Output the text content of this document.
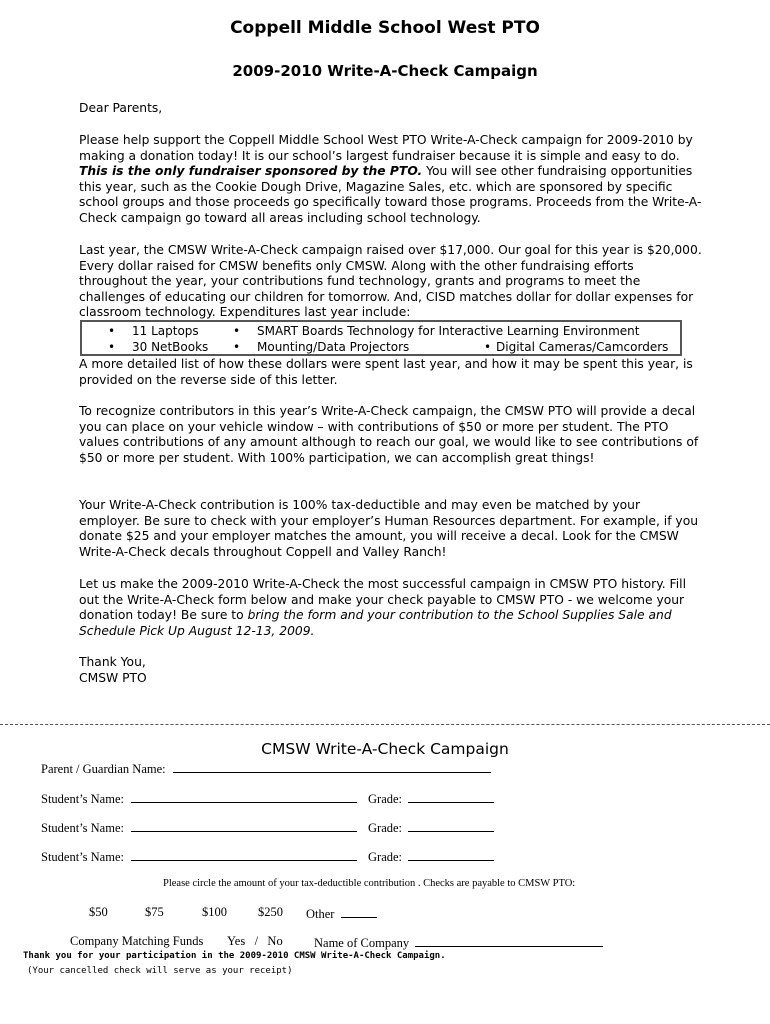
Coppell Middle School West PTO
2009-2010 Write-A-Check Campaign

Dear Parents,

Please help support the Coppell Middle School West PTO Write-A-Check campaign for 2009-2010 by making a donation today! It is our school’s largest fundraiser because it is simple and easy to do. This is the only fundraiser sponsored by the PTO. You will see other fundraising opportunities this year, such as the Cookie Dough Drive, Magazine Sales, etc. which are sponsored by specific school groups and those proceeds go specifically toward those programs. Proceeds from the Write-A-Check campaign go toward all areas including school technology.

Last year, the CMSW Write-A-Check campaign raised over $17,000. Our goal for this year is $20,000. Every dollar raised for CMSW benefits only CMSW. Along with the other fundraising efforts throughout the year, your contributions fund technology, grants and programs to meet the challenges of educating our children for tomorrow. And, CISD matches dollar for dollar expenses for classroom technology. Expenditures last year include:

• 11 Laptops	• SMART Boards Technology for Interactive Learning Environment
• 30 NetBooks • Mounting/Data Projectors	• Digital Cameras/Camcorders

A more detailed list of how these dollars were spent last year, and how it may be spent this year, is provided on the reverse side of this letter.

To recognize contributors in this year’s Write-A-Check campaign, the CMSW PTO will provide a decal you can place on your vehicle window – with contributions of $50 or more per student. The PTO values contributions of any amount although to reach our goal, we would like to see contributions of $50 or more per student. With 100% participation, we can accomplish great things!

Your Write-A-Check contribution is 100% tax-deductible and may even be matched by your employer. Be sure to check with your employer’s Human Resources department. For example, if you donate $25 and your employer matches the amount, you will receive a decal. Look for the CMSW Write-A-Check decals throughout Coppell and Valley Ranch!

Let us make the 2009-2010 Write-A-Check the most successful campaign in CMSW PTO history. Fill out the Write-A-Check form below and make your check payable to CMSW PTO - we welcome your donation today! Be sure to bring the form and your contribution to the School Supplies Sale and Schedule Pick Up August 12-13, 2009.

Thank You,

CMSW PTO

CMSW Write-A-Check Campaign
Parent / Guardian Name:
Student’s Name:	Grade:
Student’s Name:	Grade:
Student’s Name:	Grade:
Please circle the amount of your tax-deductible contribution . Checks are payable to CMSW PTO:
$50	$75	$100 $250 Other
Company Matching Funds Yes   /   No	Name of Company
Thank you for your participation in the 2009-2010 CMSW Write-A-Check Campaign.
(Your cancelled check will serve as your receipt)
